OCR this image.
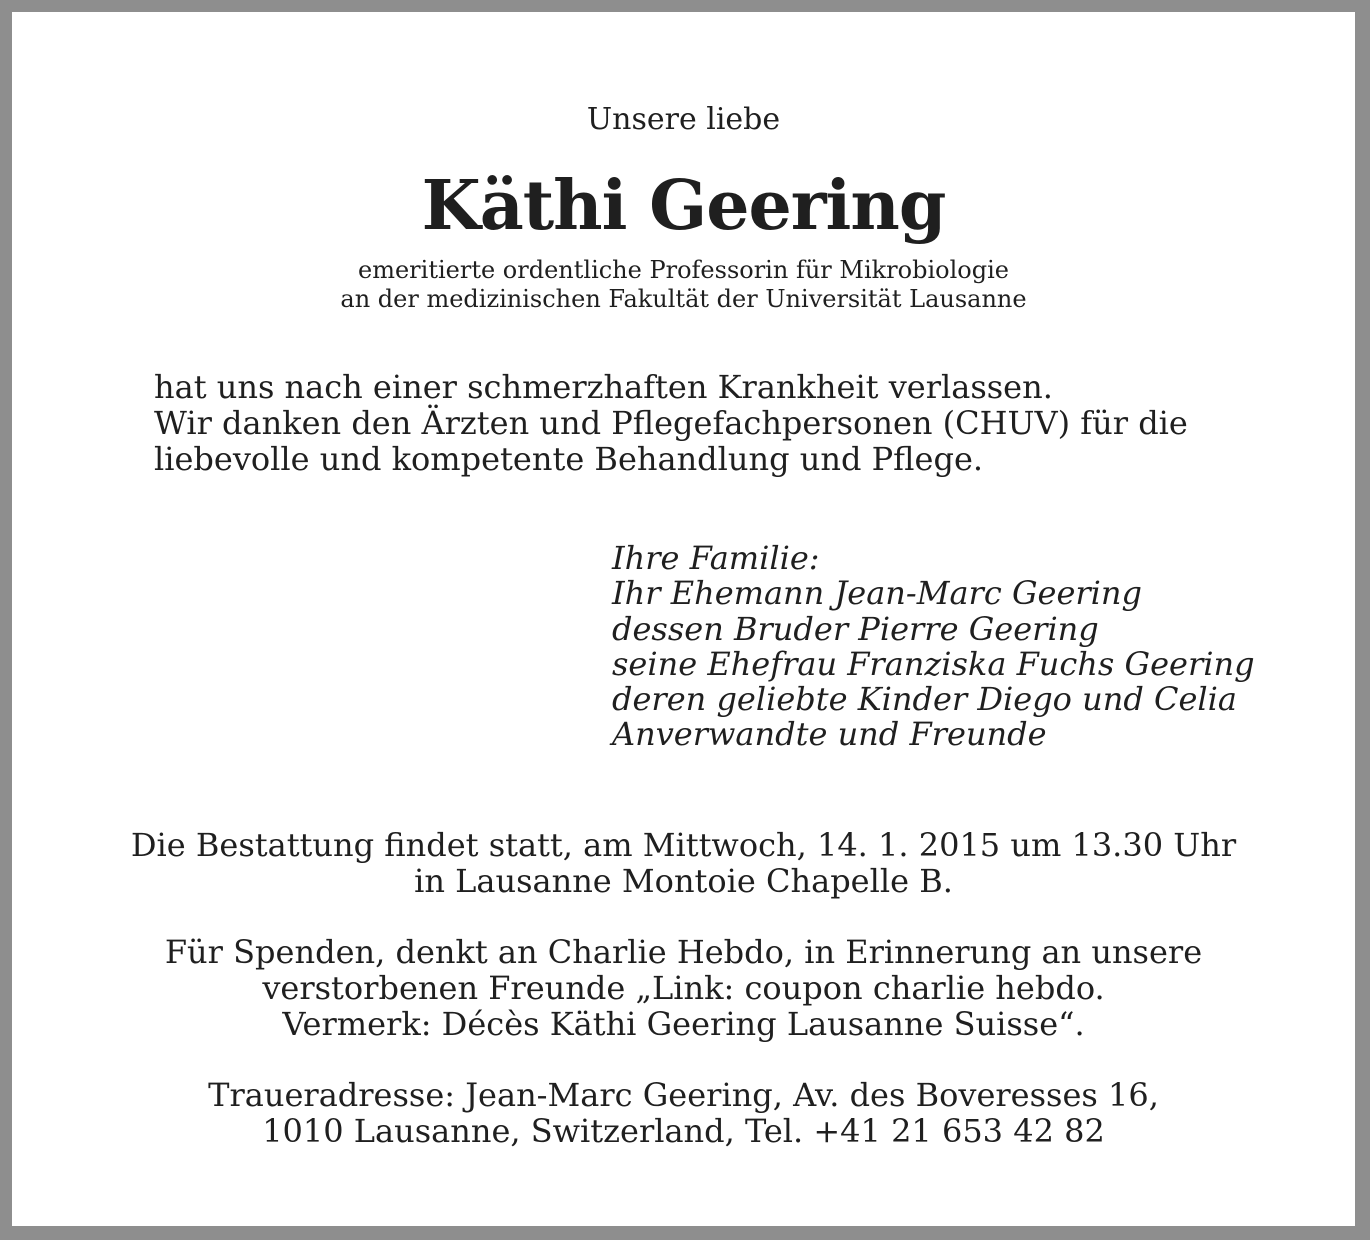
Unsere liebe
Käthi Geering
emeritierte ordentliche Professorin für Mikrobiologie
an der medizinischen Fakultät der Universität Lausanne
hat uns nach einer schmerzhaften Krankheit verlassen.
Wir danken den Ärzten und Pflegefachpersonen (CHUV) für die
liebevolle und kompetente Behandlung und Pflege.
Ihre Familie:
Ihr Ehemann Jean-Marc Geering
dessen Bruder Pierre Geering
seine Ehefrau Franziska Fuchs Geering
deren geliebte Kinder Diego und Celia
Anverwandte und Freunde
Die Bestattung findet statt, am Mittwoch, 14. 1. 2015 um 13.30 Uhr
in Lausanne Montoie Chapelle B.
Für Spenden, denkt an Charlie Hebdo, in Erinnerung an unsere
verstorbenen Freunde „Link: coupon charlie hebdo.
Vermerk: Décès Käthi Geering Lausanne Suisse“.
Traueradresse: Jean-Marc Geering, Av. des Boveresses 16,
1010 Lausanne, Switzerland, Tel. +41 21 653 42 82
